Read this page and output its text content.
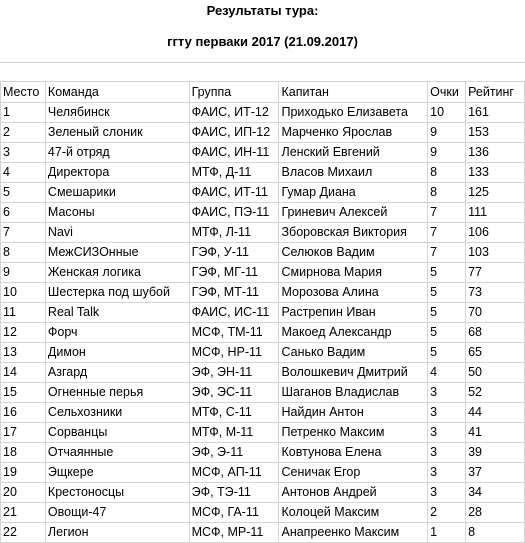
Результаты тура:
ггту перваки 2017 (21.09.2017)
Место	Команда	Группа	Капитан	Очки	Рейтинг
1	Челябинск	ФАИС, ИТ-12	Приходько Елизавета	10	161
2	Зеленый слоник	ФАИС, ИП-12	Марченко Ярослав	9	153
3	47-й отряд	ФАИС, ИН-11	Ленский Евгений	9	136
4	Директора	МТФ, Д-11	Власов Михаил	8	133
5	Смешарики	ФАИС, ИТ-11	Гумар Диана	8	125
6	Масоны	ФАИС, ПЭ-11	Гриневич Алексей	7	111
7	Navi	МТФ, Л-11	Зборовская Виктория	7	106
8	МежСИЗОнные	ГЭФ, У-11	Селюков Вадим	7	103
9	Женская логика	ГЭФ, МГ-11	Смирнова Мария	5	77
10	Шестерка под шубой	ГЭФ, МТ-11	Морозова Алина	5	73
11	Real Talk	ФАИС, ИС-11	Растрепин Иван	5	70
12	Форч	МСФ, ТМ-11	Макоед Александр	5	68
13	Димон	МСФ, НР-11	Санько Вадим	5	65
14	Азгард	ЭФ, ЭН-11	Волошкевич Дмитрий	4	50
15	Огненные перья	ЭФ, ЭС-11	Шаганов Владислав	3	52
16	Сельхозники	МТФ, С-11	Найдин Антон	3	44
17	Сорванцы	МТФ, М-11	Петренко Максим	3	41
18	Отчаянные	ЭФ, Э-11	Ковтунова Елена	3	39
19	Эщкере	МСФ, АП-11	Сеничак Егор	3	37
20	Крестоносцы	ЭФ, ТЭ-11	Антонов Андрей	3	34
21	Овощи-47	МСФ, ГА-11	Колоцей Максим	2	28
22	Легион	МСФ, МР-11	Анапреенко Максим	1	8
